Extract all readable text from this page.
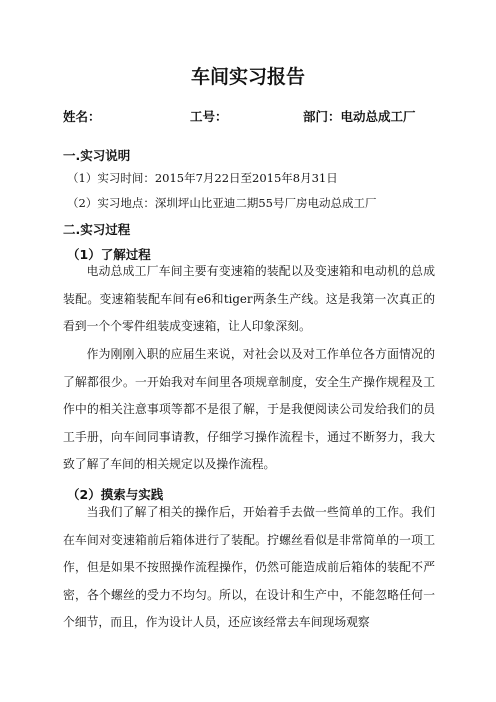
车间实习报告
姓名：	工号：	部门：电动总成工厂
一.实习说明
（1）实习时间：2015年7月22日至2015年8月31日
（2）实习地点：深圳坪山比亚迪二期55号厂房电动总成工厂
二.实习过程
（1）了解过程

电动总成工厂车间主要有变速箱的装配以及变速箱和电动机的总成装配。变速箱装配车间有e6和tiger两条生产线。这是我第一次真正的看到一个个零件组装成变速箱，让人印象深刻。

作为刚刚入职的应届生来说，对社会以及对工作单位各方面情况的了解都很少。一开始我对车间里各项规章制度，安全生产操作规程及工作中的相关注意事项等都不是很了解，于是我便阅读公司发给我们的员工手册，向车间同事请教，仔细学习操作流程卡，通过不断努力，我大致了解了车间的相关规定以及操作流程。

（2）摸索与实践

当我们了解了相关的操作后，开始着手去做一些简单的工作。我们在车间对变速箱前后箱体进行了装配。拧螺丝看似是非常简单的一项工作，但是如果不按照操作流程操作，仍然可能造成前后箱体的装配不严密，各个螺丝的受力不均匀。所以，在设计和生产中，不能忽略任何一个细节，而且，作为设计人员，还应该经常去车间现场观察
